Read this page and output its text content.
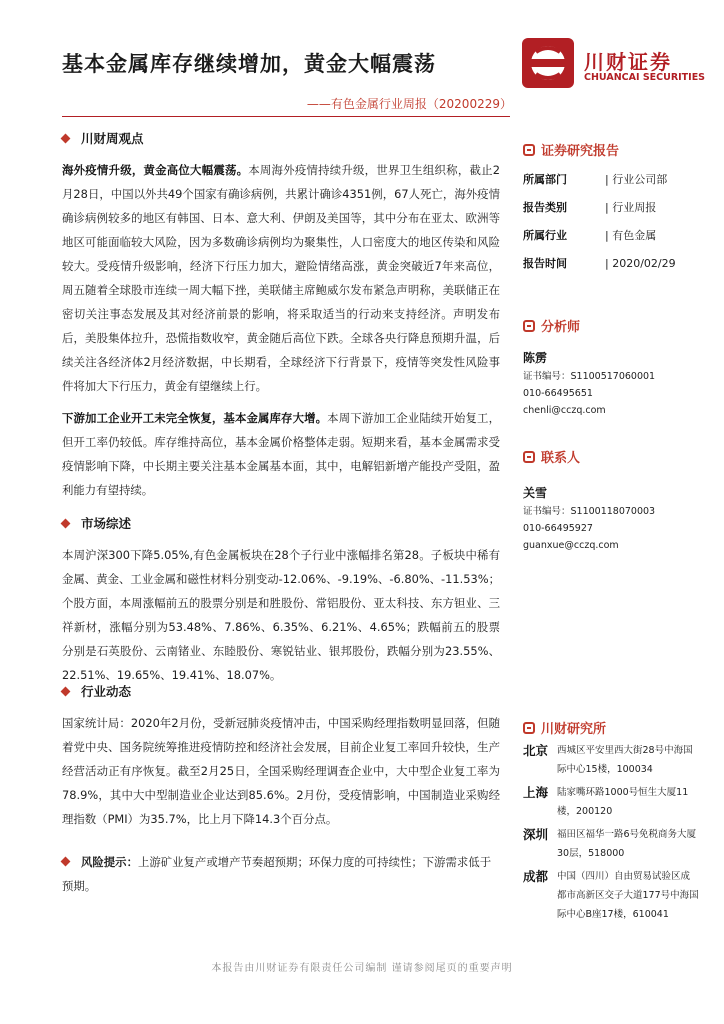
基本金属库存继续增加，黄金大幅震荡
——有色金属行业周报（20200229）
川财证券
CHUANCAI SECURITIES
川财周观点
海外疫情升级，黄金高位大幅震荡。本周海外疫情持续升级，世界卫生组织称，截止2月28日，中国以外共49个国家有确诊病例，共累计确诊4351例，67人死亡，海外疫情确诊病例较多的地区有韩国、日本、意大利、伊朗及美国等，其中分布在亚太、欧洲等地区可能面临较大风险，因为多数确诊病例均为聚集性，人口密度大的地区传染和风险较大。受疫情升级影响，经济下行压力加大，避险情绪高涨，黄金突破近7年来高位，周五随着全球股市连续一周大幅下挫，美联储主席鲍威尔发布紧急声明称，美联储正在密切关注事态发展及其对经济前景的影响，将采取适当的行动来支持经济。声明发布后，美股集体拉升，恐慌指数收窄，黄金随后高位下跌。全球各央行降息预期升温，后续关注各经济体2月经济数据，中长期看，全球经济下行背景下，疫情等突发性风险事件将加大下行压力，黄金有望继续上行。
下游加工企业开工未完全恢复，基本金属库存大增。本周下游加工企业陆续开始复工，但开工率仍较低。库存维持高位，基本金属价格整体走弱。短期来看，基本金属需求受疫情影响下降，中长期主要关注基本金属基本面，其中，电解铝新增产能投产受阻，盈利能力有望持续。
市场综述
本周沪深300下降5.05%,有色金属板块在28个子行业中涨幅排名第28。子板块中稀有金属、黄金、工业金属和磁性材料分别变动-12.06%、-9.19%、-6.80%、-11.53%；个股方面，本周涨幅前五的股票分别是和胜股份、常铝股份、亚太科技、东方钽业、三祥新材，涨幅分别为53.48%、7.86%、6.35%、6.21%、4.65%；跌幅前五的股票分别是石英股份、云南锗业、东睦股份、寒锐钴业、银邦股份，跌幅分别为23.55%、22.51%、19.65%、19.41%、18.07%。
行业动态
国家统计局：2020年2月份，受新冠肺炎疫情冲击，中国采购经理指数明显回落，但随着党中央、国务院统筹推进疫情防控和经济社会发展，目前企业复工率回升较快，生产经营活动正有序恢复。截至2月25日，全国采购经理调查企业中，大中型企业复工率为78.9%，其中大中型制造业企业达到85.6%。2月份，受疫情影响，中国制造业采购经理指数（PMI）为35.7%，比上月下降14.3个百分点。
风险提示：上游矿业复产或增产节奏超预期；环保力度的可持续性；下游需求低于预期。
证券研究报告
所属部门	| 行业公司部
报告类别	| 行业周报
所属行业	| 有色金属
报告时间	| 2020/02/29
分析师
陈雳
证书编号：S1100517060001
010-66495651
chenli@cczq.com
联系人
关雪
证书编号：S1100118070003
010-66495927
guanxue@cczq.com
川财研究所
北京 西城区平安里西大街28号中海国际中心15楼，100034
上海 陆家嘴环路1000号恒生大厦11楼，200120
深圳 福田区福华一路6号免税商务大厦30层，518000
成都 中国（四川）自由贸易试验区成都市高新区交子大道177号中海国际中心B座17楼，610041
本报告由川财证券有限责任公司编制 谨请参阅尾页的重要声明
